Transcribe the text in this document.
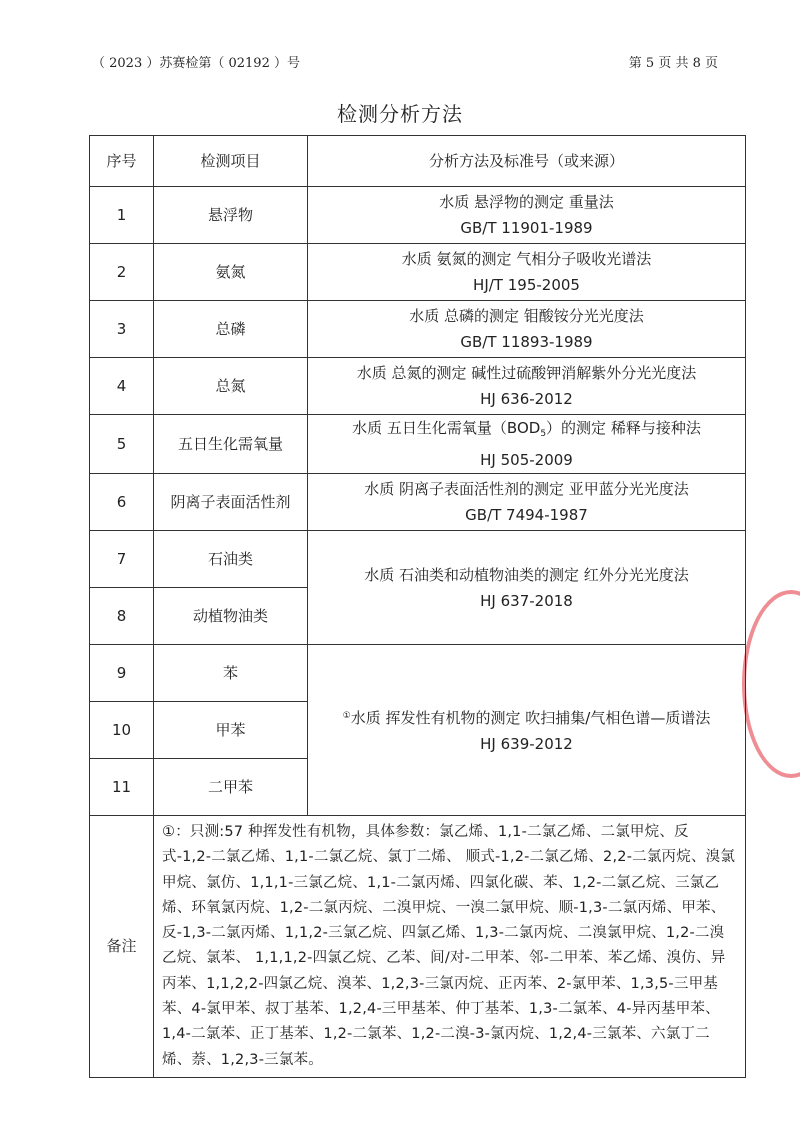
（ 2023 ）苏赛检第（ 02192 ）号	第 5 页 共 8 页
检测分析方法
序号	检测项目	分析方法及标准号（或来源）
1	悬浮物	水质 悬浮物的测定 重量法
GB/T 11901-1989

2	氨氮	水质 氨氮的测定 气相分子吸收光谱法
HJ/T 195-2005

3	总磷	水质 总磷的测定 钼酸铵分光光度法
GB/T 11893-1989

4	总氮	水质 总氮的测定 碱性过硫酸钾消解紫外分光光度法
HJ 636-2012

5	五日生化需氧量	水质 五日生化需氧量$(BOD_5)$的测定 稀释与接种法
HJ 505-2009

6	阴离子表面活性剂	水质 阴离子表面活性剂的测定 亚甲蓝分光光度法
GB/T 7494-1987

7	石油类	水质 石油类和动植物油类的测定 红外分光光度法
HJ 637-2018

8	动植物油类	
9	苯	①水质 挥发性有机物的测定 吹扫捕集/气相色谱—质谱法
HJ 639-2012

10	甲苯	
11	二甲苯	
备注	①：只测:57 种挥发性有机物，具体参数：氯乙烯、1,1-二氯乙烯、二氯甲烷、反式-1,2-二氯乙烯、1,1-二氯乙烷、氯丁二烯、 顺式-1,2-二氯乙烯、2,2-二氯丙烷、溴氯甲烷、氯仿、1,1,1-三氯乙烷、1,1-二氯丙烯、四氯化碳、苯、1,2-二氯乙烷、三氯乙烯、环氧氯丙烷、1,2-二氯丙烷、二溴甲烷、一溴二氯甲烷、顺-1,3-二氯丙烯、甲苯、 反-1,3-二氯丙烯、1,1,2-三氯乙烷、四氯乙烯、1,3-二氯丙烷、二溴氯甲烷、1,2-二溴乙烷、氯苯、 1,1,1,2-四氯乙烷、乙苯、间/对-二甲苯、邻-二甲苯、苯乙烯、溴仿、异丙苯、1,1,2,2-四氯乙烷、溴苯、1,2,3-三氯丙烷、正丙苯、2-氯甲苯、1,3,5-三甲基苯、4-氯甲苯、叔丁基苯、1,2,4-三甲基苯、仲丁基苯、1,3-二氯苯、4-异丙基甲苯、1,4-二氯苯、正丁基苯、1,2-二氯苯、1,2-二溴-3-氯丙烷、1,2,4-三氯苯、六氯丁二烯、萘、1,2,3-三氯苯。	
